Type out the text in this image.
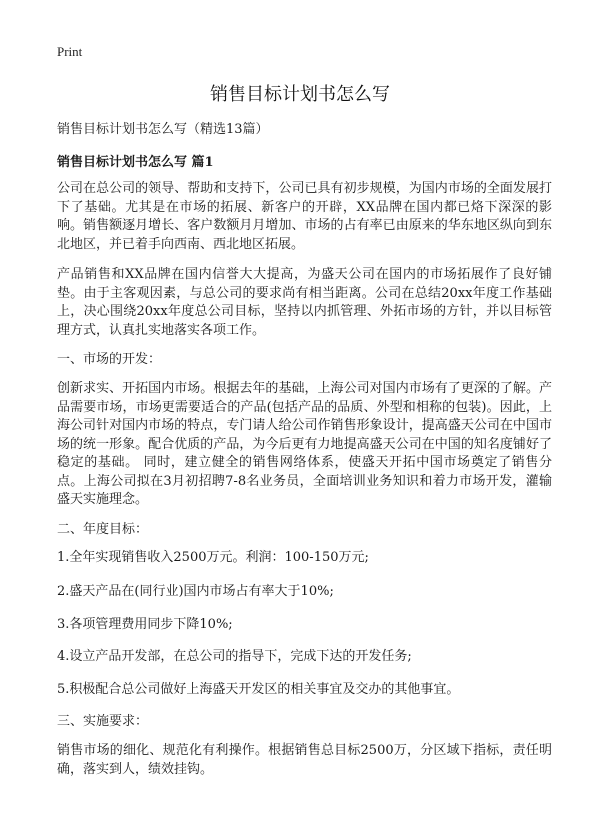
Print
销售目标计划书怎么写

销售目标计划书怎么写（精选13篇）

销售目标计划书怎么写 篇1

公司在总公司的领导、帮助和支持下，公司已具有初步规模，为国内市场的全面发展打下了基础。尤其是在市场的拓展、新客户的开辟，XX品牌在国内都已烙下深深的影响。销售额逐月增长、客户数额月月增加、市场的占有率已由原来的华东地区纵向到东北地区，并已着手向西南、西北地区拓展。

产品销售和XX品牌在国内信誉大大提高，为盛天公司在国内的市场拓展作了良好铺垫。由于主客观因素，与总公司的要求尚有相当距离。公司在总结20xx年度工作基础上，决心围绕20xx年度总公司目标，坚持以内抓管理、外拓市场的方针，并以目标管理方式，认真扎实地落实各项工作。

一、市场的开发：

创新求实、开拓国内市场。根据去年的基础，上海公司对国内市场有了更深的了解。产品需要市场，市场更需要适合的产品(包括产品的品质、外型和相称的包装)。因此，上海公司针对国内市场的特点，专门请人给公司作销售形象设计，提高盛天公司在中国市场的统一形象。配合优质的产品，为今后更有力地提高盛天公司在中国的知名度铺好了稳定的基础。 同时，建立健全的销售网络体系，使盛天开拓中国市场奠定了销售分点。上海公司拟在3月初招聘7-8名业务员，全面培训业务知识和着力市场开发，灌输盛天实施理念。

二、年度目标：

1.全年实现销售收入2500万元。利润：100-150万元;

2.盛天产品在(同行业)国内市场占有率大于10%;

3.各项管理费用同步下降10%;

4.设立产品开发部，在总公司的指导下，完成下达的开发任务;

5.积极配合总公司做好上海盛天开发区的相关事宜及交办的其他事宜。

三、实施要求：

销售市场的细化、规范化有利操作。根据销售总目标2500万，分区域下指标，责任明确，落实到人，绩效挂钩。
